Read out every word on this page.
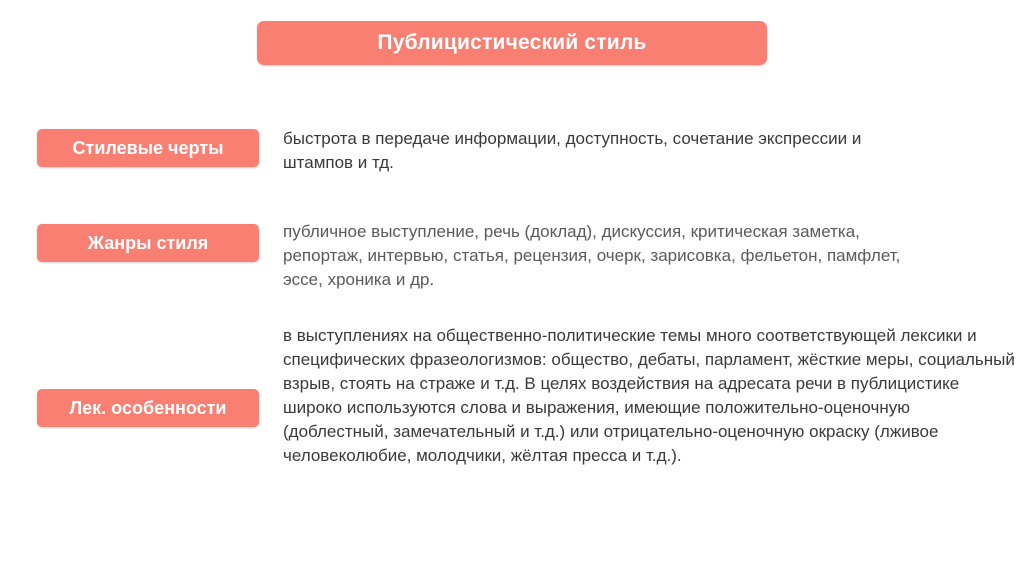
Публицистический стиль
Стилевые черты	быстрота в передаче информации, доступность, сочетание экспрессии и штампов и тд.

Жанры стиля

публичное выступление, речь (доклад), дискуссия, критическая заметка, репортаж, интервью, статья, рецензия, очерк, зарисовка, фельетон, памфлет, эссе, хроника и др.

Лек. особенности

в выступлениях на общественно-политические темы много соответствующей лексики и специфических фразеологизмов: общество, дебаты, парламент, жёсткие меры, социальный взрыв, стоять на страже и т.д. В целях воздействия на адресата речи в публицистике широко используются слова и выражения, имеющие положительно-оценочную (доблестный, замечательный и т.д.) или отрицательно-оценочную окраску (лживое человеколюбие, молодчики, жёлтая пресса и т.д.).
